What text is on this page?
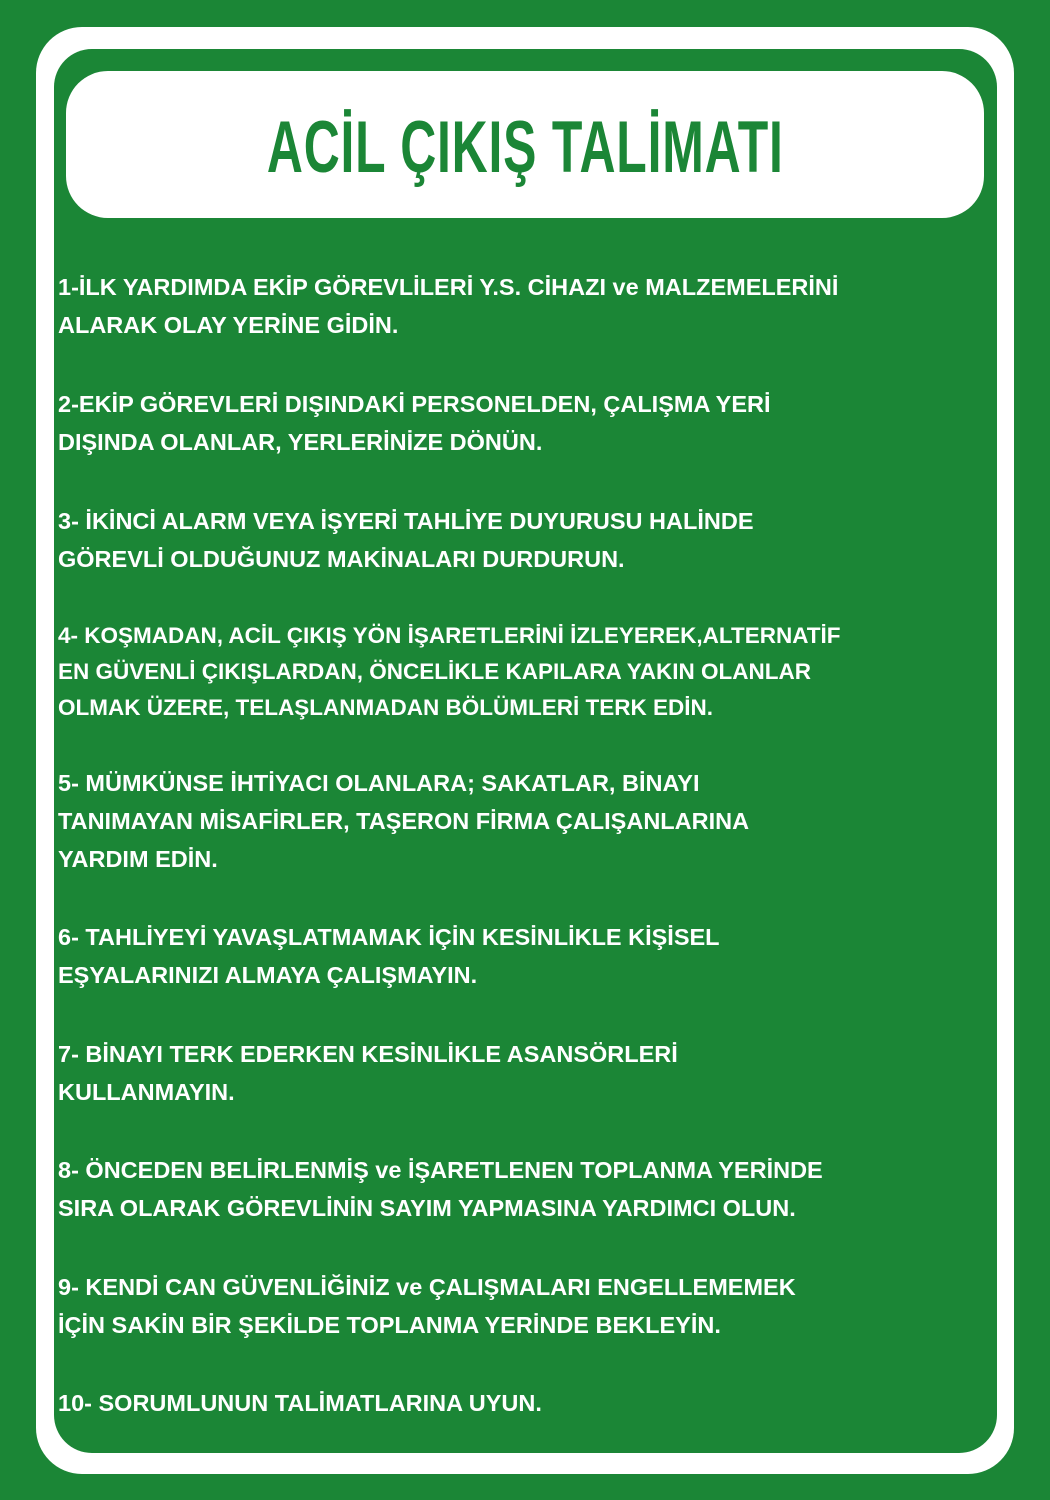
ACİL ÇIKIŞ TALİMATI
1-İLK YARDIMDA EKİP GÖREVLİLERİ Y.S. CİHAZI ve MALZEMELERİNİ
ALARAK OLAY YERİNE GİDİN.
2-EKİP GÖREVLERİ DIŞINDAKİ PERSONELDEN, ÇALIŞMA YERİ
DIŞINDA OLANLAR, YERLERİNİZE DÖNÜN.
3- İKİNCİ ALARM VEYA İŞYERİ TAHLİYE DUYURUSU HALİNDE
GÖREVLİ OLDUĞUNUZ MAKİNALARI DURDURUN.
4- KOŞMADAN, ACİL ÇIKIŞ YÖN İŞARETLERİNİ İZLEYEREK,ALTERNATİF
EN GÜVENLİ ÇIKIŞLARDAN, ÖNCELİKLE KAPILARA YAKIN OLANLAR
OLMAK ÜZERE, TELAŞLANMADAN BÖLÜMLERİ TERK EDİN.
5- MÜMKÜNSE İHTİYACI OLANLARA; SAKATLAR, BİNAYI
TANIMAYAN MİSAFİRLER, TAŞERON FİRMA ÇALIŞANLARINA
YARDIM EDİN.
6- TAHLİYEYİ YAVAŞLATMAMAK İÇİN KESİNLİKLE KİŞİSEL
EŞYALARINIZI ALMAYA ÇALIŞMAYIN.
7- BİNAYI TERK EDERKEN KESİNLİKLE ASANSÖRLERİ
KULLANMAYIN.
8- ÖNCEDEN BELİRLENMİŞ ve İŞARETLENEN TOPLANMA YERİNDE
SIRA OLARAK GÖREVLİNİN SAYIM YAPMASINA YARDIMCI OLUN.
9- KENDİ CAN GÜVENLİĞİNİZ ve ÇALIŞMALARI ENGELLEMEMEK
İÇİN SAKİN BİR ŞEKİLDE TOPLANMA YERİNDE BEKLEYİN.
10- SORUMLUNUN TALİMATLARINA UYUN.
